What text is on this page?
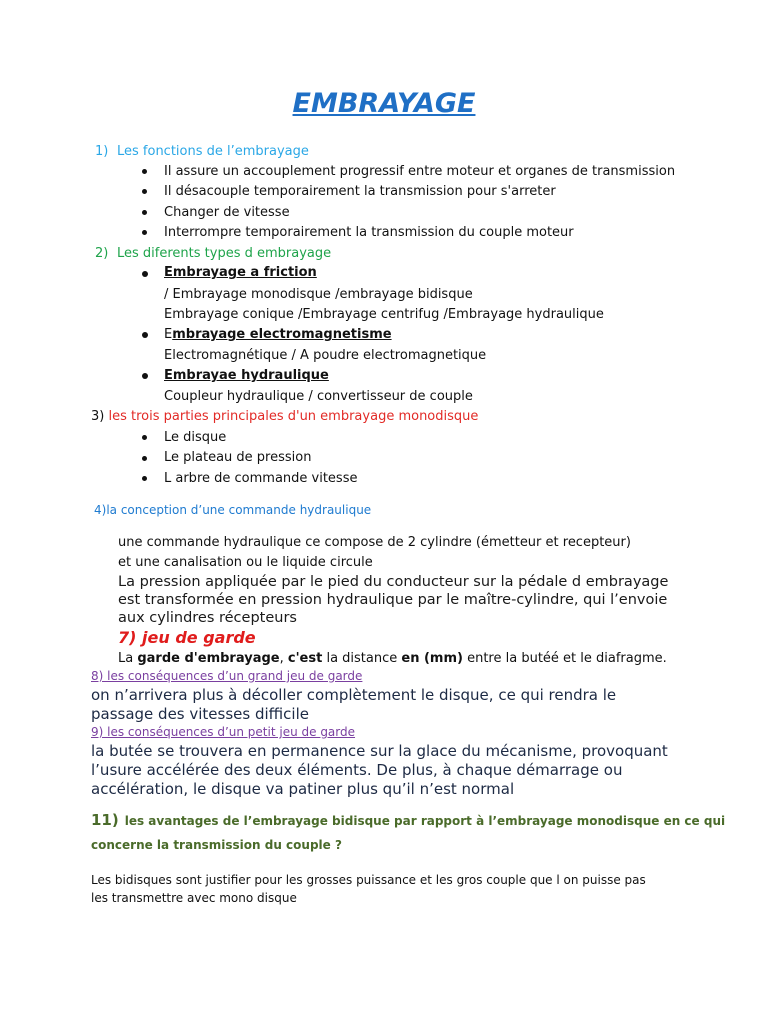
EMBRAYAGE
1) Les fonctions de l’embrayage
Il assure un accouplement progressif entre moteur et organes de transmission
Il désacouple temporairement la transmission pour s'arreter
Changer de vitesse
Interrompre temporairement la transmission du couple moteur
2) Les diferents types d embrayage
Embrayage a friction
/ Embrayage monodisque /embrayage bidisque
Embrayage conique /Embrayage centrifug /Embrayage hydraulique
Embrayage electromagnetisme
Electromagnétique / A poudre electromagnetique
Embrayae hydraulique
Coupleur hydraulique / convertisseur de couple
3) les trois parties principales d'un embrayage monodisque
Le disque
Le plateau de pression
L arbre de commande vitesse
4)la conception d’une commande hydraulique
une commande hydraulique ce compose de 2 cylindre (émetteur et recepteur)
et une canalisation ou le liquide circule
La pression appliquée par le pied du conducteur sur la pédale d embrayage est transformée en pression hydraulique par le maître-cylindre, qui l’envoie aux cylindres récepteurs
7) jeu de garde
La garde d'embrayage, c'est la distance en (mm) entre la butéé et le diafragme.
8) les conséquences d’un grand jeu de garde
on n’arrivera plus à décoller complètement le disque, ce qui rendra le passage des vitesses difficile
9) les conséquences d’un petit jeu de garde
la butée se trouvera en permanence sur la glace du mécanisme, provoquant l’usure accélérée des deux éléments. De plus, à chaque démarrage ou accélération, le disque va patiner plus qu’il n’est normal
11) les avantages de l’embrayage bidisque par rapport à l’embrayage monodisque en ce qui
concerne la transmission du couple ?
Les bidisques sont justifier pour les grosses puissance et les gros couple que l on puisse pas les transmettre avec mono disque
